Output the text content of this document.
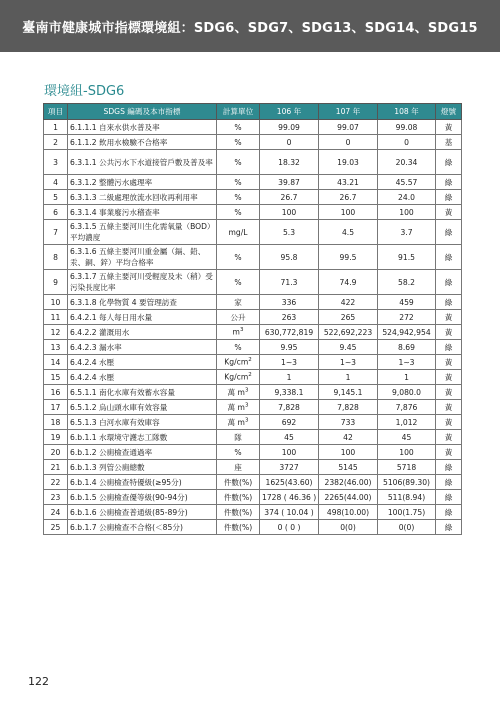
臺南市健康城市指標環境組：SDG6、SDG7、SDG13、SDG14、SDG15
環境組-SDG6
項目	SDGS 編碼及本市指標	計算單位	106 年	107 年	108 年	燈號
1	6.1.1.1 自來水供水普及率	%	99.09	99.07	99.08	黃
2	6.1.1.2 飲用水檢驗不合格率	%	0	0	0	基
3	6.3.1.1 公共污水下水道接管戶數及普及率	%	18.32	19.03	20.34	綠
4	6.3.1.2 整體污水處理率	%	39.87	43.21	45.57	綠
5	6.3.1.3 二級處理放流水回收再利用率	%	26.7	26.7	24.0	綠
6	6.3.1.4 事業廢污水稽查率	%	100	100	100	黃
7	6.3.1.5 五條主要河川生化需氧量（BOD）平均濃度	mg/L	5.3	4.5	3.7	綠
8	6.3.1.6 五條主要河川重金屬（鎘、鉛、汞、銅、鋅）平均合格率	%	95.8	99.5	91.5	綠
9	6.3.1.7 五條主要河川受輕度及未（稍）受污染長度比率	%	71.3	74.9	58.2	綠
10	6.3.1.8 化學物質 4 要管理訪查	家	336	422	459	綠
11	6.4.2.1 每人每日用水量	公升	263	265	272	黃
12	6.4.2.2 灌溉用水	$m^3$	630,772,819	522,692,223	524,942,954	黃
13	6.4.2.3 漏水率	%	9.95	9.45	8.69	綠
14	6.4.2.4 水壓	$Kg/cm^2$	1~3	1~3	1~3	黃
15	6.4.2.4 水壓	$Kg/cm^2$	1	1	1	黃
16	6.5.1.1 南化水庫有效蓄水容量	萬 $m^3$	9,338.1	9,145.1	9,080.0	黃
17	6.5.1.2 烏山頭水庫有效容量	萬 $m^3$	7,828	7,828	7,876	黃
18	6.5.1.3 白河水庫有效庫容	萬 $m^3$	692	733	1,012	黃
19	6.b.1.1 水環境守護志工隊數	隊	45	42	45	黃
20	6.b.1.2 公廁檢查通過率	%	100	100	100	黃
21	6.b.1.3 列管公廁總數	座	3727	5145	5718	綠
22	6.b.1.4 公廁檢查特優級(≥95分)	件數(%)	1625(43.60)	2382(46.00)	5106(89.30)	綠
23	6.b.1.5 公廁檢查優等級(90-94分)	件數(%)	1728 ( 46.36 )	2265(44.00)	511(8.94)	綠
24	6.b.1.6 公廁檢查普通級(85-89分)	件數(%)	374 ( 10.04 )	498(10.00)	100(1.75)	綠
25	6.b.1.7 公廁檢查不合格(＜85分)	件數(%)	0 ( 0 )	0(0)	0(0)	綠
122
